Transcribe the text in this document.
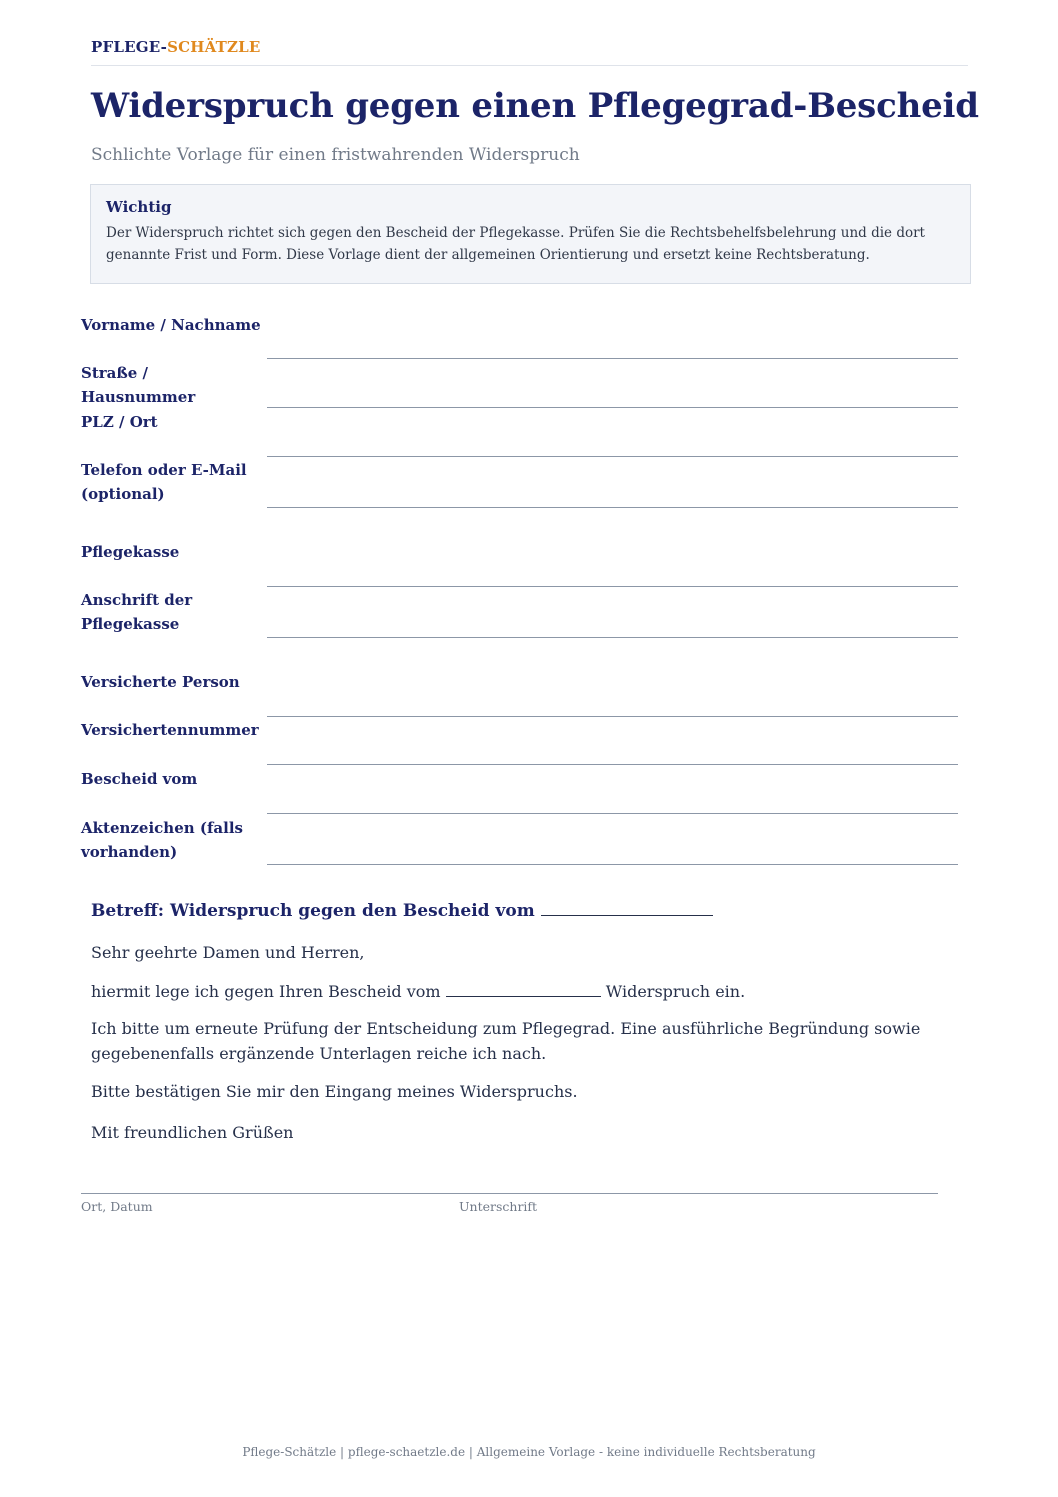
PFLEGE-SCHÄTZLE
Widerspruch gegen einen Pflegegrad-Bescheid
Schlichte Vorlage für einen fristwahrenden Widerspruch
Wichtig
Der Widerspruch richtet sich gegen den Bescheid der Pflegekasse. Prüfen Sie die Rechtsbehelfsbelehrung und die dort genannte Frist und Form. Diese Vorlage dient der allgemeinen Orientierung und ersetzt keine Rechtsberatung.
Vorname / Nachname
Straße / Hausnummer
PLZ / Ort
Telefon oder E-Mail (optional)
Pflegekasse
Anschrift der Pflegekasse
Versicherte Person
Versichertennummer
Bescheid vom
Aktenzeichen (falls vorhanden)
Betreff: Widerspruch gegen den Bescheid vom
Sehr geehrte Damen und Herren,
hiermit lege ich gegen Ihren Bescheid vom	Widerspruch ein.
Ich bitte um erneute Prüfung der Entscheidung zum Pflegegrad. Eine ausführliche Begründung sowie gegebenenfalls ergänzende Unterlagen reiche ich nach.
Bitte bestätigen Sie mir den Eingang meines Widerspruchs.
Mit freundlichen Grüßen
Ort, Datum	Unterschrift
Pflege-Schätzle | pflege-schaetzle.de | Allgemeine Vorlage - keine individuelle Rechtsberatung
